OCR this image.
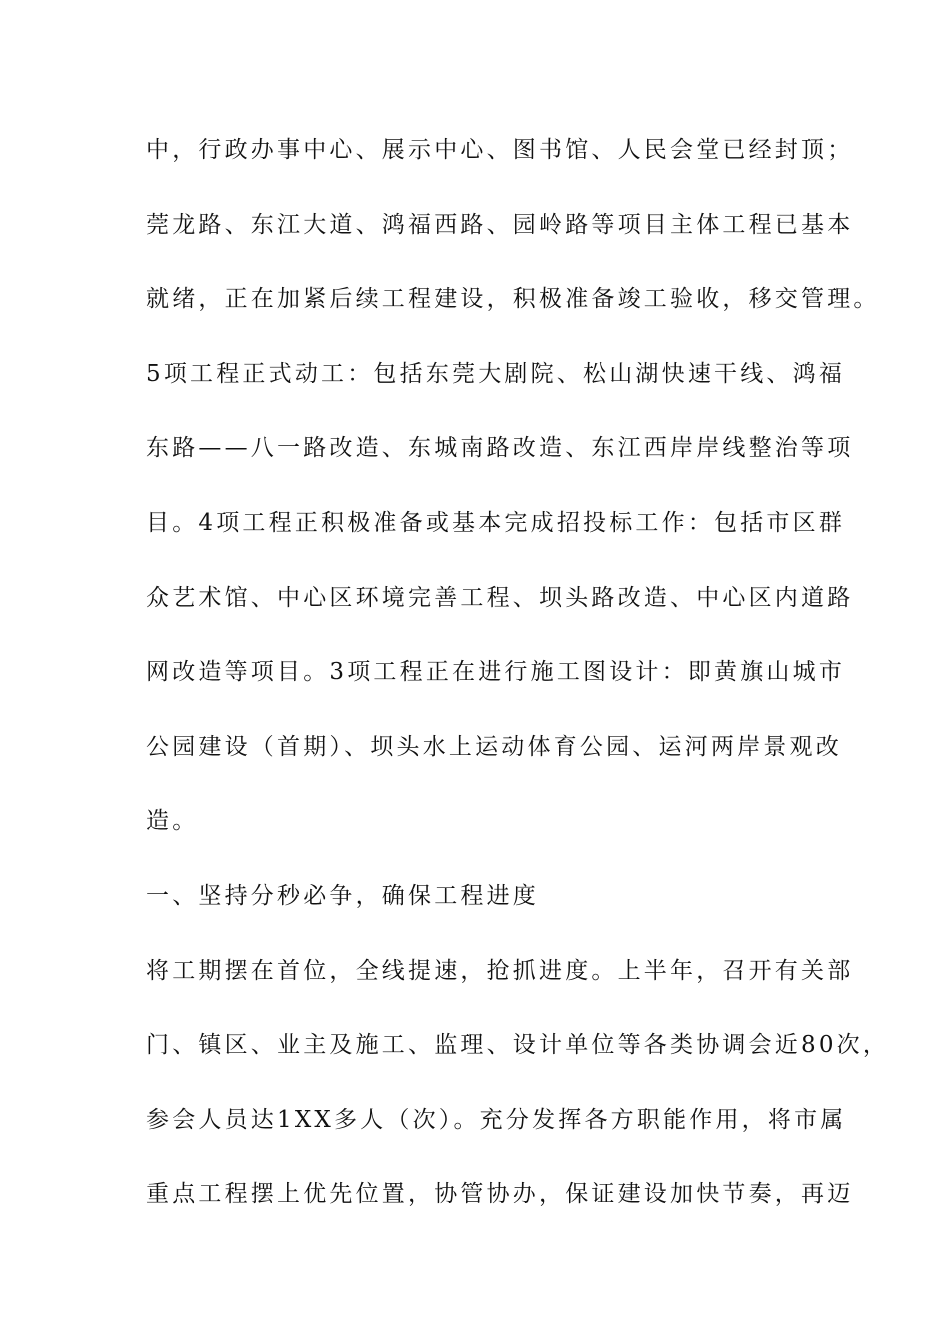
中，行政办事中心、展示中心、图书馆、人民会堂已经封顶；
莞龙路、东江大道、鸿福西路、园岭路等项目主体工程已基本
就绪，正在加紧后续工程建设，积极准备竣工验收，移交管理。
5项工程正式动工：包括东莞大剧院、松山湖快速干线、鸿福
东路——八一路改造、东城南路改造、东江西岸岸线整治等项
目。4项工程正积极准备或基本完成招投标工作：包括市区群
众艺术馆、中心区环境完善工程、坝头路改造、中心区内道路
网改造等项目。3项工程正在进行施工图设计：即黄旗山城市
公园建设（首期）、坝头水上运动体育公园、运河两岸景观改
造。
一、坚持分秒必争，确保工程进度
将工期摆在首位，全线提速，抢抓进度。上半年，召开有关部
门、镇区、业主及施工、监理、设计单位等各类协调会近80次，
参会人员达1XX多人（次）。充分发挥各方职能作用，将市属
重点工程摆上优先位置，协管协办，保证建设加快节奏，再迈
